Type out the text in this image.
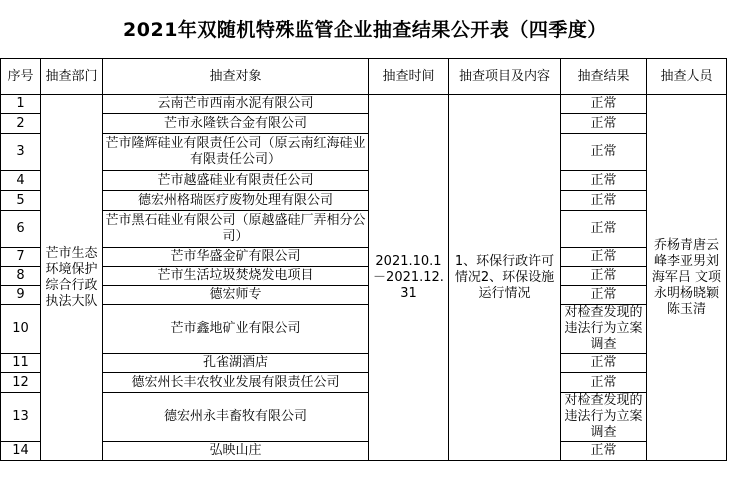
2021年双随机特殊监管企业抽查结果公开表（四季度）
序号	抽查部门	抽查对象	抽查时间	抽查项目及内容	抽查结果	抽查人员
1	芒市生态环境保护综合行政执法大队	云南芒市西南水泥有限公司	2021.10.1－2021.12.31	1、环保行政许可情况2、环保设施运行情况	正常	乔杨青唐云峰李亚男刘海军吕 文项永明杨晓颖陈玉清
2		芒市永隆铁合金有限公司			正常	
3		芒市隆辉硅业有限责任公司（原云南红海硅业有限责任公司）			正常	
4		芒市越盛硅业有限责任公司			正常	
5		德宏州格瑞医疗废物处理有限公司			正常	
6		芒市黑石硅业有限公司（原越盛硅厂弄相分公司）			正常	
7		芒市华盛金矿有限公司			正常	
8		芒市生活垃圾焚烧发电项目			正常	
9		德宏师专			正常	
10		芒市鑫地矿业有限公司			对检查发现的违法行为立案调查	
11		孔雀湖酒店			正常	
12		德宏州长丰农牧业发展有限责任公司			正常	
13		德宏州永丰畜牧有限公司			对检查发现的违法行为立案调查	
14		弘映山庄			正常	
